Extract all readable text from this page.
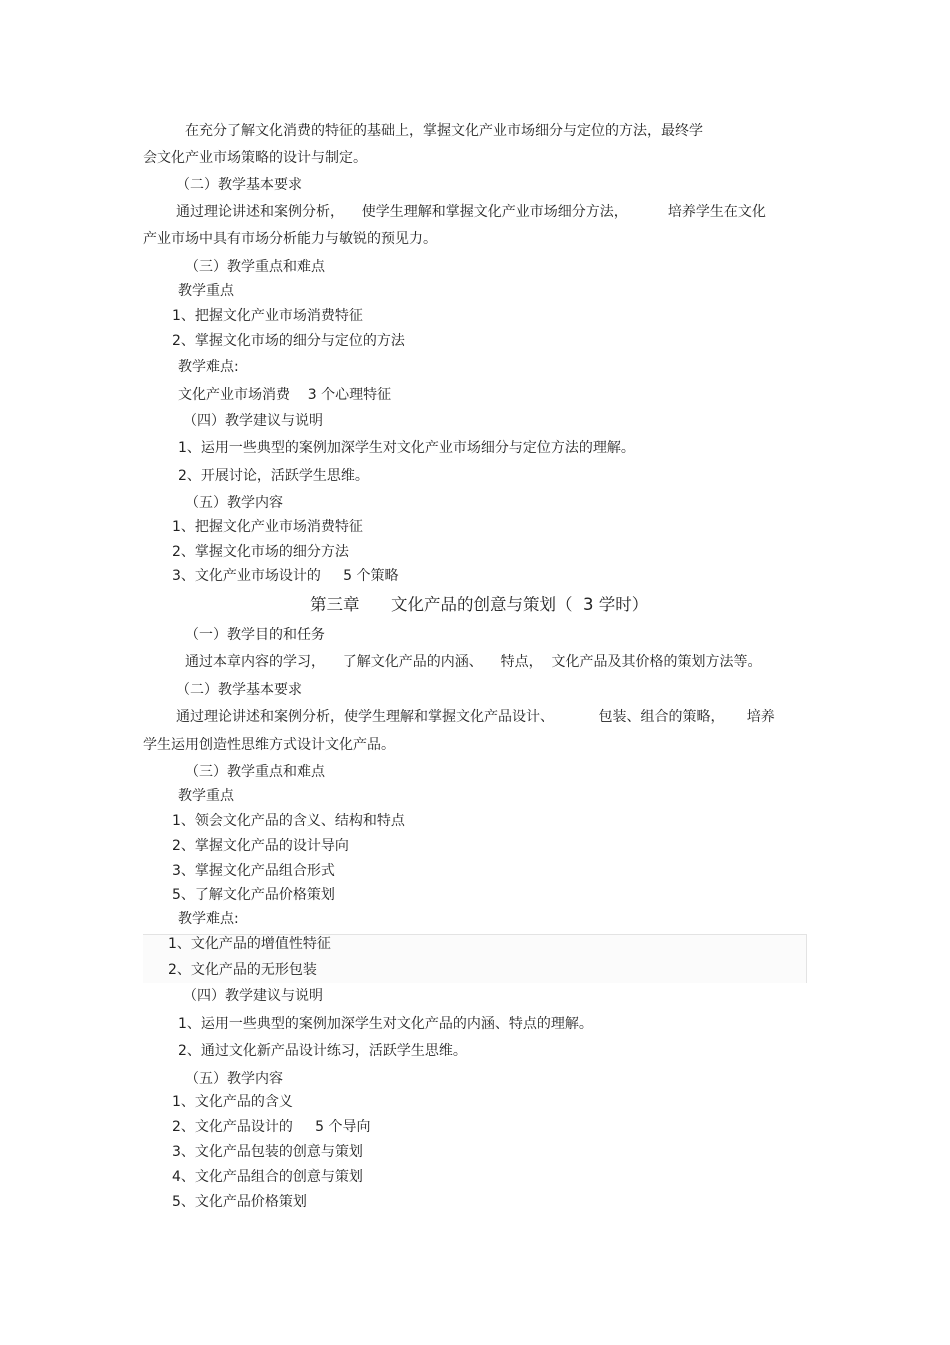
在充分了解文化消费的特征的基础上，掌握文化产业市场细分与定位的方法，最终学
会文化产业市场策略的设计与制定。
（二）教学基本要求
通过理论讲述和案例分析，    使学生理解和掌握文化产业市场细分方法，         培养学生在文化
产业市场中具有市场分析能力与敏锐的预见力。
（三）教学重点和难点
教学重点
1、把握文化产业市场消费特征
2、掌握文化市场的细分与定位的方法
教学难点:
文化产业市场消费    3 个心理特征
（四）教学建议与说明
1、运用一些典型的案例加深学生对文化产业市场细分与定位方法的理解。
2、开展讨论，活跃学生思维。
（五）教学内容
1、把握文化产业市场消费特征
2、掌握文化市场的细分方法
3、文化产业市场设计的     5 个策略
第三章      文化产品的创意与策划（  3 学时）
（一）教学目的和任务
通过本章内容的学习，    了解文化产品的内涵、    特点，  文化产品及其价格的策划方法等。
（二）教学基本要求
通过理论讲述和案例分析，使学生理解和掌握文化产品设计、          包装、组合的策略，     培养
学生运用创造性思维方式设计文化产品。
（三）教学重点和难点
教学重点
1、领会文化产品的含义、结构和特点
2、掌握文化产品的设计导向
3、掌握文化产品组合形式
5、了解文化产品价格策划
教学难点:
1、文化产品的增值性特征
2、文化产品的无形包装
（四）教学建议与说明
1、运用一些典型的案例加深学生对文化产品的内涵、特点的理解。
2、通过文化新产品设计练习，活跃学生思维。
（五）教学内容
1、文化产品的含义
2、文化产品设计的     5 个导向
3、文化产品包装的创意与策划
4、文化产品组合的创意与策划
5、文化产品价格策划
